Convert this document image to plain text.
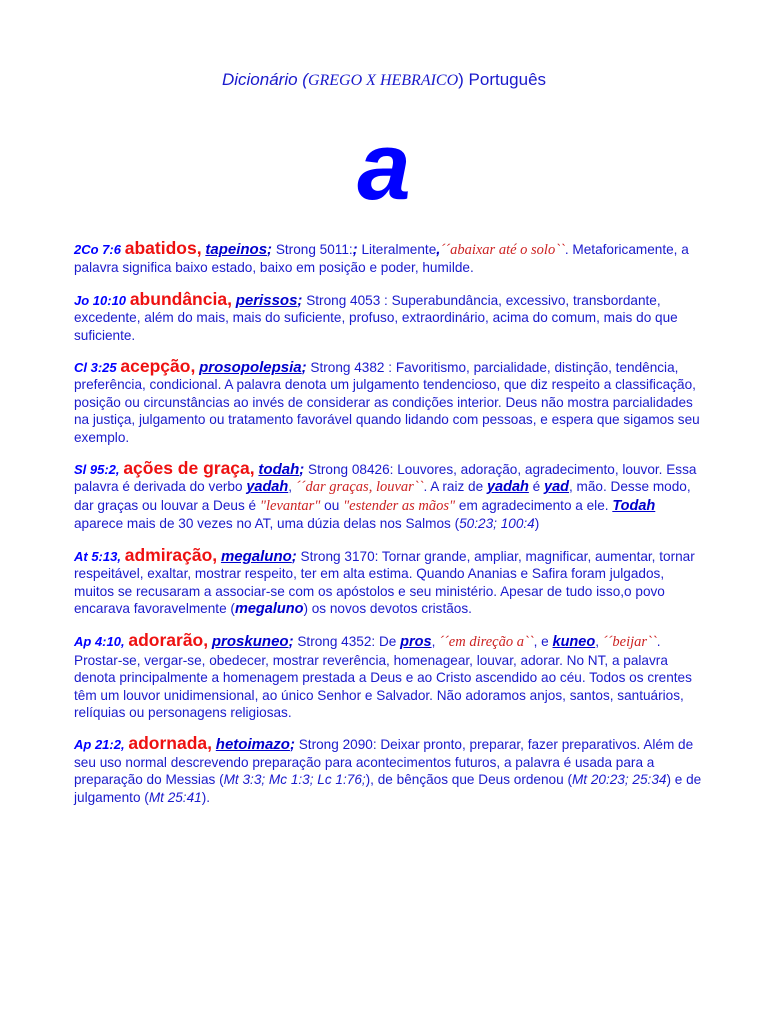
Dicionário (GREGO X HEBRAICO) Português
a

2Co 7:6 abatidos, tapeinos; Strong 5011:; Literalmente,´´abaixar até o solo``. Metaforicamente, a palavra significa baixo estado, baixo em posição e poder, humilde.

Jo 10:10 abundância, perissos; Strong 4053 : Superabundância, excessivo, transbordante, excedente, além do mais, mais do suficiente, profuso, extraordinário, acima do comum, mais do que suficiente.

Cl 3:25 acepção, prosopolepsia; Strong 4382 : Favoritismo, parcialidade, distinção, tendência, preferência, condicional. A palavra denota um julgamento tendencioso, que diz respeito a classificação, posição ou circunstâncias ao invés de considerar as condições interior. Deus não mostra parcialidades na justiça, julgamento ou tratamento favorável quando lidando com pessoas, e espera que sigamos seu exemplo.

Sl 95:2, ações de graça, todah; Strong 08426: Louvores, adoração, agradecimento, louvor. Essa palavra é derivada do verbo yadah, ´´dar graças, louvar``. A raiz de yadah é yad, mão. Desse modo, dar graças ou louvar a Deus é "levantar" ou "estender as mãos" em agradecimento a ele. Todah aparece mais de 30 vezes no AT, uma dúzia delas nos Salmos (50:23; 100:4)

At 5:13, admiração, megaluno; Strong 3170: Tornar grande, ampliar, magnificar, aumentar, tornar respeitável, exaltar, mostrar respeito, ter em alta estima. Quando Ananias e Safira foram julgados, muitos se recusaram a associar-se com os apóstolos e seu ministério. Apesar de tudo isso,o povo encarava favoravelmente (megaluno) os novos devotos cristãos.

Ap 4:10, adorarão, proskuneo; Strong 4352: De pros, ´´em direção a``, e kuneo, ´´beijar``. Prostar-se, vergar-se, obedecer, mostrar reverência, homenagear, louvar, adorar. No NT, a palavra denota principalmente a homenagem prestada a Deus e ao Cristo ascendido ao céu. Todos os crentes têm um louvor unidimensional, ao único Senhor e Salvador. Não adoramos anjos, santos, santuários, relíquias ou personagens religiosas.

Ap 21:2, adornada, hetoimazo; Strong 2090: Deixar pronto, preparar, fazer preparativos. Além de seu uso normal descrevendo preparação para acontecimentos futuros, a palavra é usada para a preparação do Messias (Mt 3:3; Mc 1:3; Lc 1:76;), de bênçãos que Deus ordenou (Mt 20:23; 25:34) e de julgamento (Mt 25:41).
